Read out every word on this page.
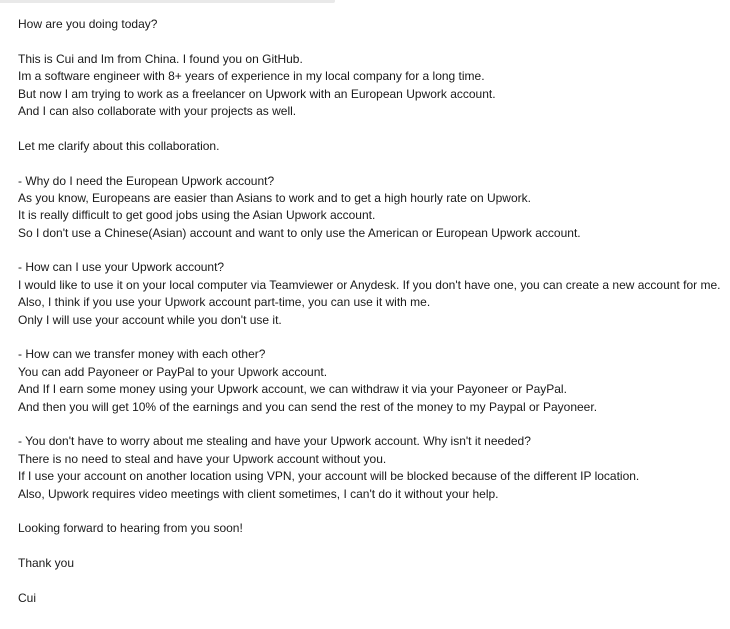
How are you doing today?
This is Cui and Im from China. I found you on GitHub.
Im a software engineer with 8+ years of experience in my local company for a long time.
But now I am trying to work as a freelancer on Upwork with an European Upwork account.
And I can also collaborate with your projects as well.
Let me clarify about this collaboration.
- Why do I need the European Upwork account?
As you know, Europeans are easier than Asians to work and to get a high hourly rate on Upwork.
It is really difficult to get good jobs using the Asian Upwork account.
So I don't use a Chinese(Asian) account and want to only use the American or European Upwork account.
- How can I use your Upwork account?
I would like to use it on your local computer via Teamviewer or Anydesk. If you don't have one, you can create a new account for me.
Also, I think if you use your Upwork account part-time, you can use it with me.
Only I will use your account while you don't use it.
- How can we transfer money with each other?
You can add Payoneer or PayPal to your Upwork account.
And If I earn some money using your Upwork account, we can withdraw it via your Payoneer or PayPal.
And then you will get 10% of the earnings and you can send the rest of the money to my Paypal or Payoneer.
- You don't have to worry about me stealing and have your Upwork account. Why isn't it needed?
There is no need to steal and have your Upwork account without you.
If I use your account on another location using VPN, your account will be blocked because of the different IP location.
Also, Upwork requires video meetings with client sometimes, I can't do it without your help.
Looking forward to hearing from you soon!
Thank you
Cui
